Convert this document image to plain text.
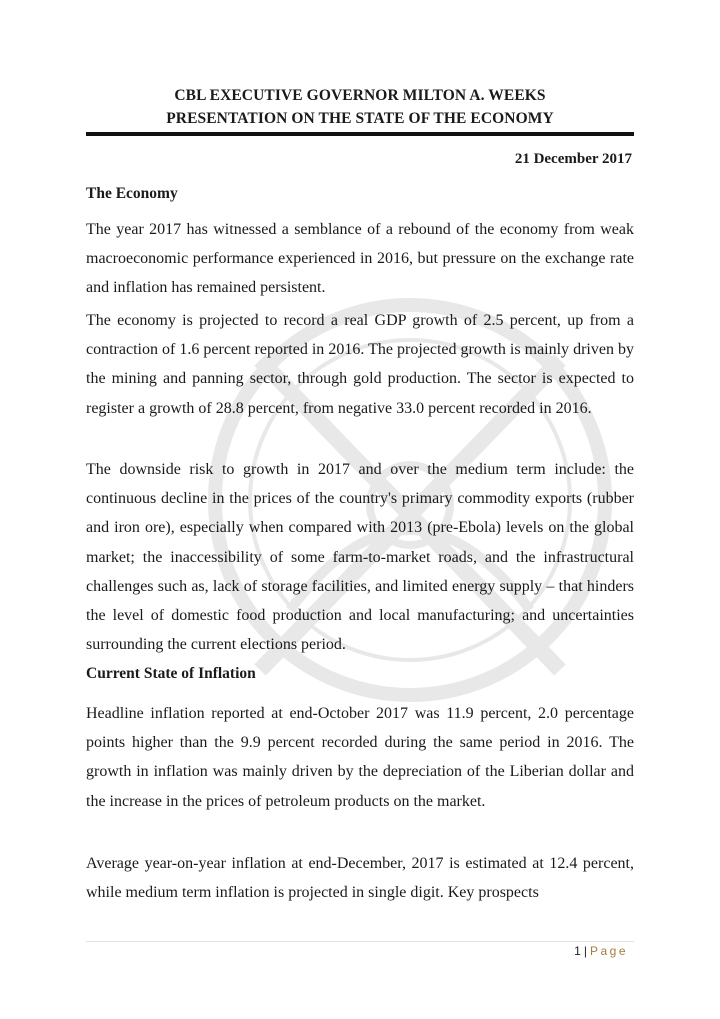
CBL EXECUTIVE GOVERNOR MILTON A. WEEKS
PRESENTATION ON THE STATE OF THE ECONOMY
21 December 2017
The Economy

The year 2017 has witnessed a semblance of a rebound of the economy from weak macroeconomic performance experienced in 2016, but pressure on the exchange rate and inflation has remained persistent.

The economy is projected to record a real GDP growth of 2.5 percent, up from a contraction of 1.6 percent reported in 2016. The projected growth is mainly driven by the mining and panning sector, through gold production. The sector is expected to register a growth of 28.8 percent, from negative 33.0 percent recorded in 2016.

The downside risk to growth in 2017 and over the medium term include: the continuous decline in the prices of the country's primary commodity exports (rubber and iron ore), especially when compared with 2013 (pre-Ebola) levels on the global market; the inaccessibility of some farm-to-market roads, and the infrastructural challenges such as, lack of storage facilities, and limited energy supply – that hinders the level of domestic food production and local manufacturing; and uncertainties surrounding the current elections period.

Current State of Inflation

Headline inflation reported at end-October 2017 was 11.9 percent, 2.0 percentage points higher than the 9.9 percent recorded during the same period in 2016. The growth in inflation was mainly driven by the depreciation of the Liberian dollar and the increase in the prices of petroleum products on the market.

Average year-on-year inflation at end-December, 2017 is estimated at 12.4 percent, while medium term inflation is projected in single digit. Key prospects

1 | Page
